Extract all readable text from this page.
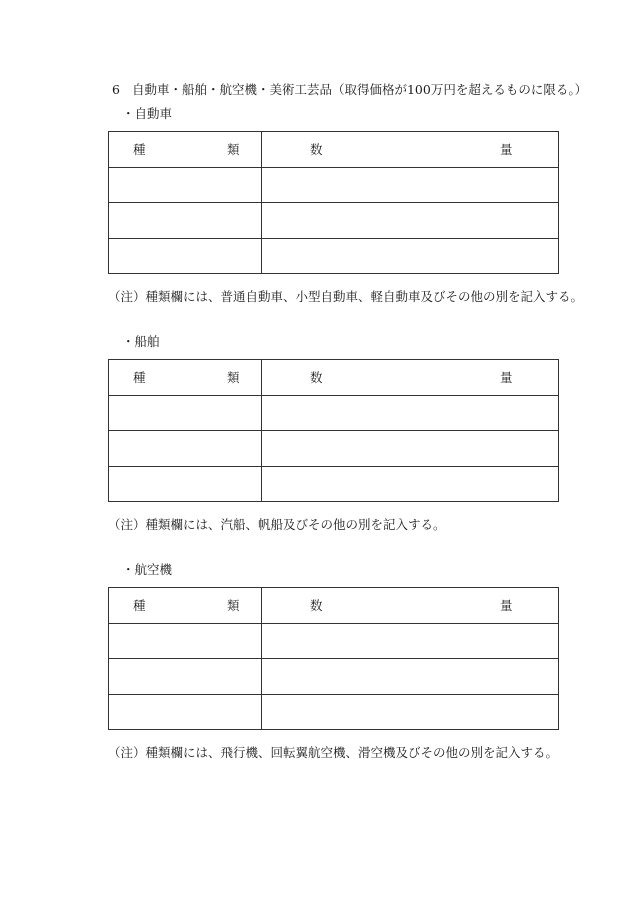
6 自動車・船舶・航空機・美術工芸品（取得価格が100万円を超えるものに限る。）
・自動車
種 類	数 量

（注）種類欄には、普通自動車、小型自動車、軽自動車及びその他の別を記入する。
・船舶
種 類	数 量

（注）種類欄には、汽船、帆船及びその他の別を記入する。
・航空機
種 類	数 量

（注）種類欄には、飛行機、回転翼航空機、滑空機及びその他の別を記入する。
